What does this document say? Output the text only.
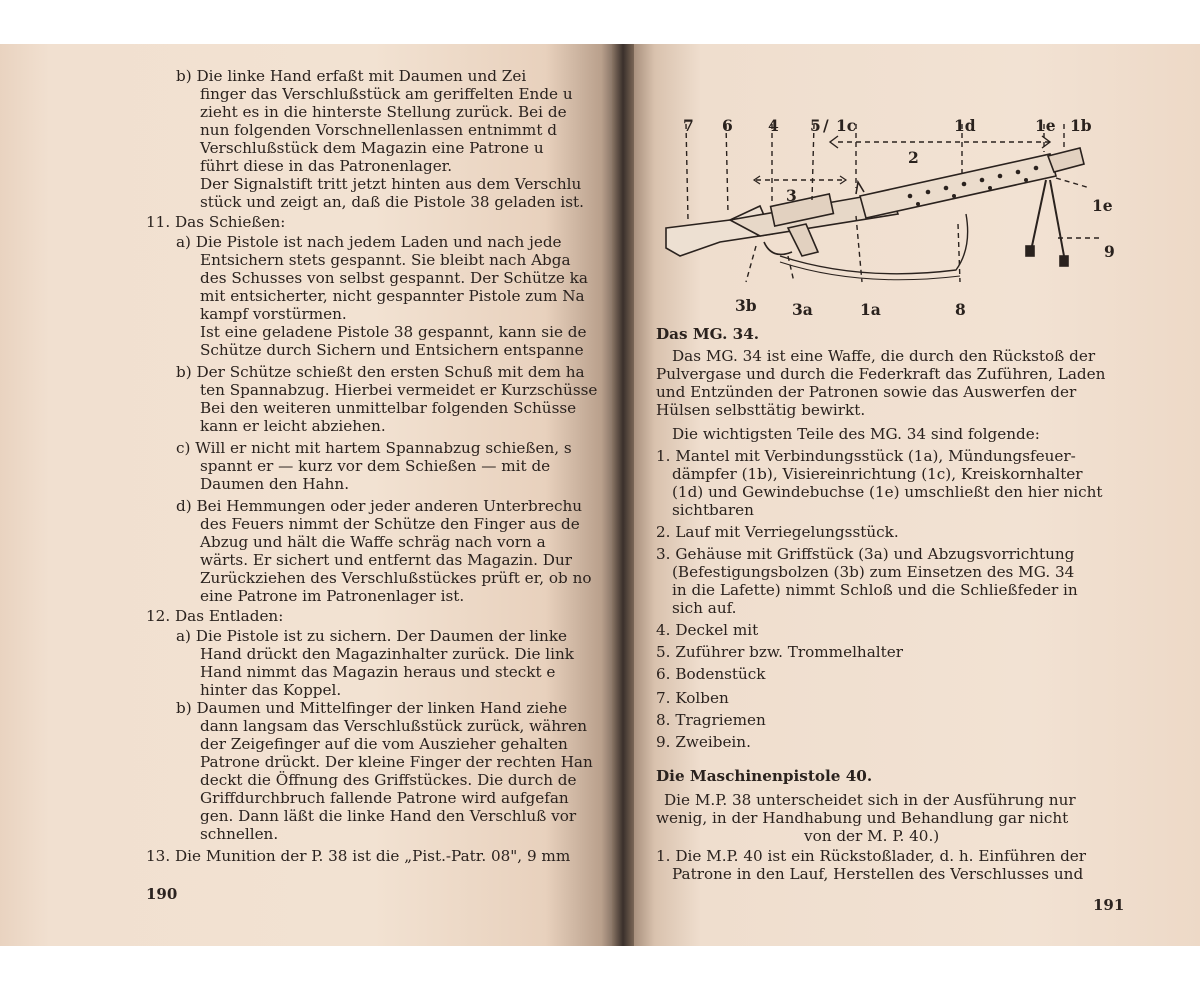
b) Die linke Hand erfaßt mit Daumen und Zei
finger das Verschlußstück am geriffelten Ende u
zieht es in die hinterste Stellung zurück. Bei de
nun folgenden Vorschnellenlassen entnimmt d
Verschlußstück dem Magazin eine Patrone u
führt diese in das Patronenlager.
Der Signalstift tritt jetzt hinten aus dem Verschlu
stück und zeigt an, daß die Pistole 38 geladen ist.
11. Das Schießen:
a) Die Pistole ist nach jedem Laden und nach jede
Entsichern stets gespannt. Sie bleibt nach Abga
des Schusses von selbst gespannt. Der Schütze ka
mit entsicherter, nicht gespannter Pistole zum Na
kampf vorstürmen.
Ist eine geladene Pistole 38 gespannt, kann sie de
Schütze durch Sichern und Entsichern entspanne
b) Der Schütze schießt den ersten Schuß mit dem ha
ten Spannabzug. Hierbei vermeidet er Kurzschüsse
Bei den weiteren unmittelbar folgenden Schüsse
kann er leicht abziehen.
c) Will er nicht mit hartem Spannabzug schießen, s
spannt er — kurz vor dem Schießen — mit de
Daumen den Hahn.
d) Bei Hemmungen oder jeder anderen Unterbrechu
des Feuers nimmt der Schütze den Finger aus de
Abzug und hält die Waffe schräg nach vorn a
wärts. Er sichert und entfernt das Magazin. Dur
Zurückziehen des Verschlußstückes prüft er, ob no
eine Patrone im Patronenlager ist.
12. Das Entladen:
a) Die Pistole ist zu sichern. Der Daumen der linke
Hand drückt den Magazinhalter zurück. Die link
Hand nimmt das Magazin heraus und steckt e
hinter das Koppel.
b) Daumen und Mittelfinger der linken Hand ziehe
dann langsam das Verschlußstück zurück, währen
der Zeigefinger auf die vom Auszieher gehalten
Patrone drückt. Der kleine Finger der rechten Han
deckt die Öffnung des Griffstückes. Die durch de
Griffdurchbruch fallende Patrone wird aufgefan
gen. Dann läßt die linke Hand den Verschluß vor
schnellen.
13. Die Munition der P. 38 ist die „Pist.-Patr. 08", 9 mm
190
7 6 4 5 / 1c	1d	1e 1b
2
3
1e
9
3b 3a	1a	8
Das MG. 34.
Das MG. 34 ist eine Waffe, die durch den Rückstoß der
Pulvergase und durch die Federkraft das Zuführen, Laden
und Entzünden der Patronen sowie das Auswerfen der
Hülsen selbsttätig bewirkt.
Die wichtigsten Teile des MG. 34 sind folgende:
1. Mantel mit Verbindungsstück (1a), Mündungsfeuer-
dämpfer (1b), Visiereinrichtung (1c), Kreiskornhalter
(1d) und Gewindebuchse (1e) umschließt den hier nicht
sichtbaren
2. Lauf mit Verriegelungsstück.
3. Gehäuse mit Griffstück (3a) und Abzugsvorrichtung
(Befestigungsbolzen (3b) zum Einsetzen des MG. 34
in die Lafette) nimmt Schloß und die Schließfeder in
sich auf.
4. Deckel mit
5. Zuführer bzw. Trommelhalter
6. Bodenstück
7. Kolben
8. Tragriemen
9. Zweibein.
Die Maschinenpistole 40.
Die M.P. 38 unterscheidet sich in der Ausführung nur
wenig, in der Handhabung und Behandlung gar nicht
von der M. P. 40.)
1. Die M.P. 40 ist ein Rückstoßlader, d. h. Einführen der
Patrone in den Lauf, Herstellen des Verschlusses und
191
